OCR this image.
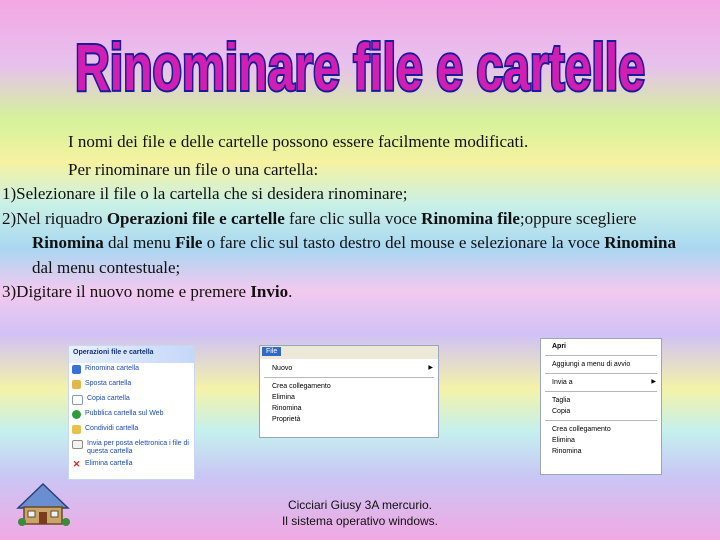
Rinominare file e cartelle

I nomi dei file e delle cartelle possono essere facilmente modificati.

Per rinominare un file o una cartella:

1)Selezionare il file o la cartella che si desidera rinominare;

2)Nel riquadro Operazioni file e cartelle fare clic sulla voce Rinomina file;oppure scegliere Rinomina dal menu File o fare clic sul tasto destro del mouse e selezionare la voce Rinomina dal menu contestuale;

3)Digitare il nuovo nome e premere Invio.

Operazioni file e cartella
Rinomina cartella
Sposta cartella
Copia cartella
Pubblica cartella sul Web
Condividi cartella
Invia per posta elettronica i file di questa cartella
✕ Elimina cartella
File
Nuovo	▶
Crea collegamento
Elimina
Rinomina
Proprietà
Apri
Aggiungi a menu di avvio
Invia a	▶
Taglia
Copia
Crea collegamento
Elimina
Rinomina
Cicciari Giusy 3A mercurio.
Il sistema operativo windows.
